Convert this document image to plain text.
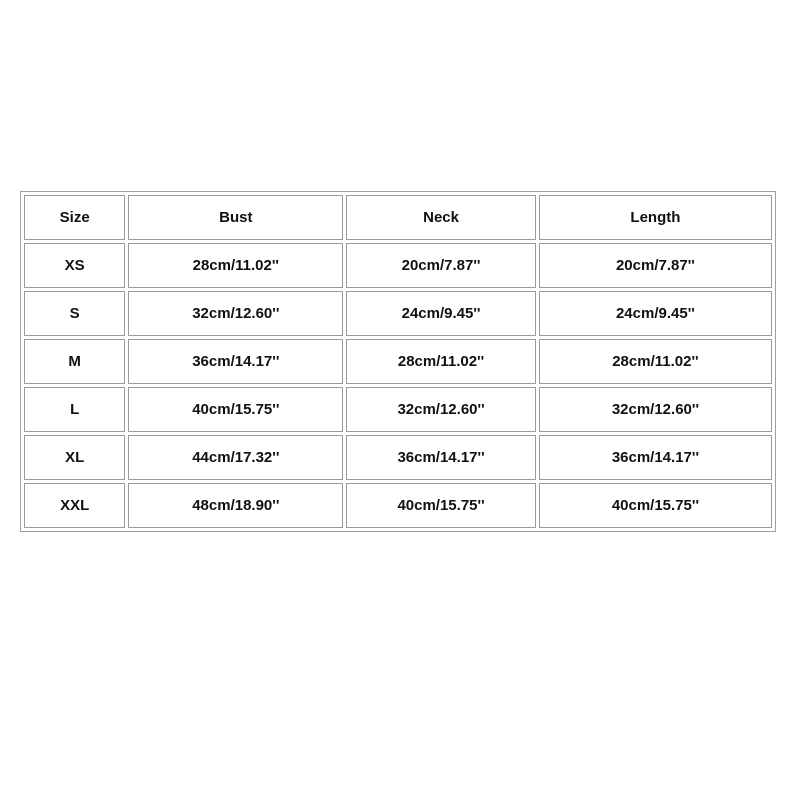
Size	Bust	Neck	Length
XS	28cm/11.02''	20cm/7.87''	20cm/7.87''
S	32cm/12.60''	24cm/9.45''	24cm/9.45''
M	36cm/14.17''	28cm/11.02''	28cm/11.02''
L	40cm/15.75''	32cm/12.60''	32cm/12.60''
XL	44cm/17.32''	36cm/14.17''	36cm/14.17''
XXL	48cm/18.90''	40cm/15.75''	40cm/15.75''
